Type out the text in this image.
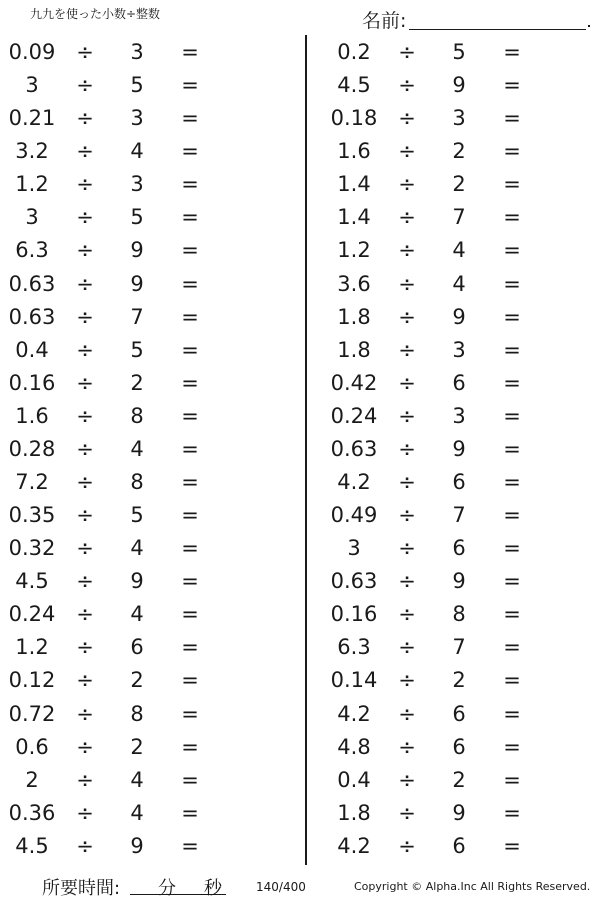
九九を使った小数÷整数	名前:
0.09 ÷	3	=
3	÷	5	=
0.21 ÷	3	=
3.2	÷	4	=
1.2	÷	3	=
3	÷	5	=
6.3	÷	9	=
0.63 ÷	9	=
0.63 ÷	7	=
0.4	÷	5	=
0.16 ÷	2	=
1.6	÷	8	=
0.28 ÷	4	=
7.2	÷	8	=
0.35 ÷	5	=
0.32 ÷	4	=
4.5	÷	9	=
0.24 ÷	4	=
1.2	÷	6	=
0.12 ÷	2	=
0.72 ÷	8	=
0.6	÷	2	=
2	÷	4	=
0.36 ÷	4	=
4.5	÷	9	=
0.2	÷	5	=
4.5	÷	9	=
0.18 ÷	3	=
1.6	÷	2	=
1.4	÷	2	=
1.4	÷	7	=
1.2	÷	4	=
3.6	÷	4	=
1.8	÷	9	=
1.8	÷	3	=
0.42 ÷	6	=
0.24 ÷	3	=
0.63 ÷	9	=
4.2	÷	6	=
0.49 ÷	7	=
3	÷	6	=
0.63 ÷	9	=
0.16 ÷	8	=
6.3	÷	7	=
0.14 ÷	2	=
4.2	÷	6	=
4.8	÷	6	=
0.4	÷	2	=
1.8	÷	9	=
4.2	÷	6	=
所要時間: 分 秒	140/400	Copyright © Alpha.Inc All Rights Reserved.
